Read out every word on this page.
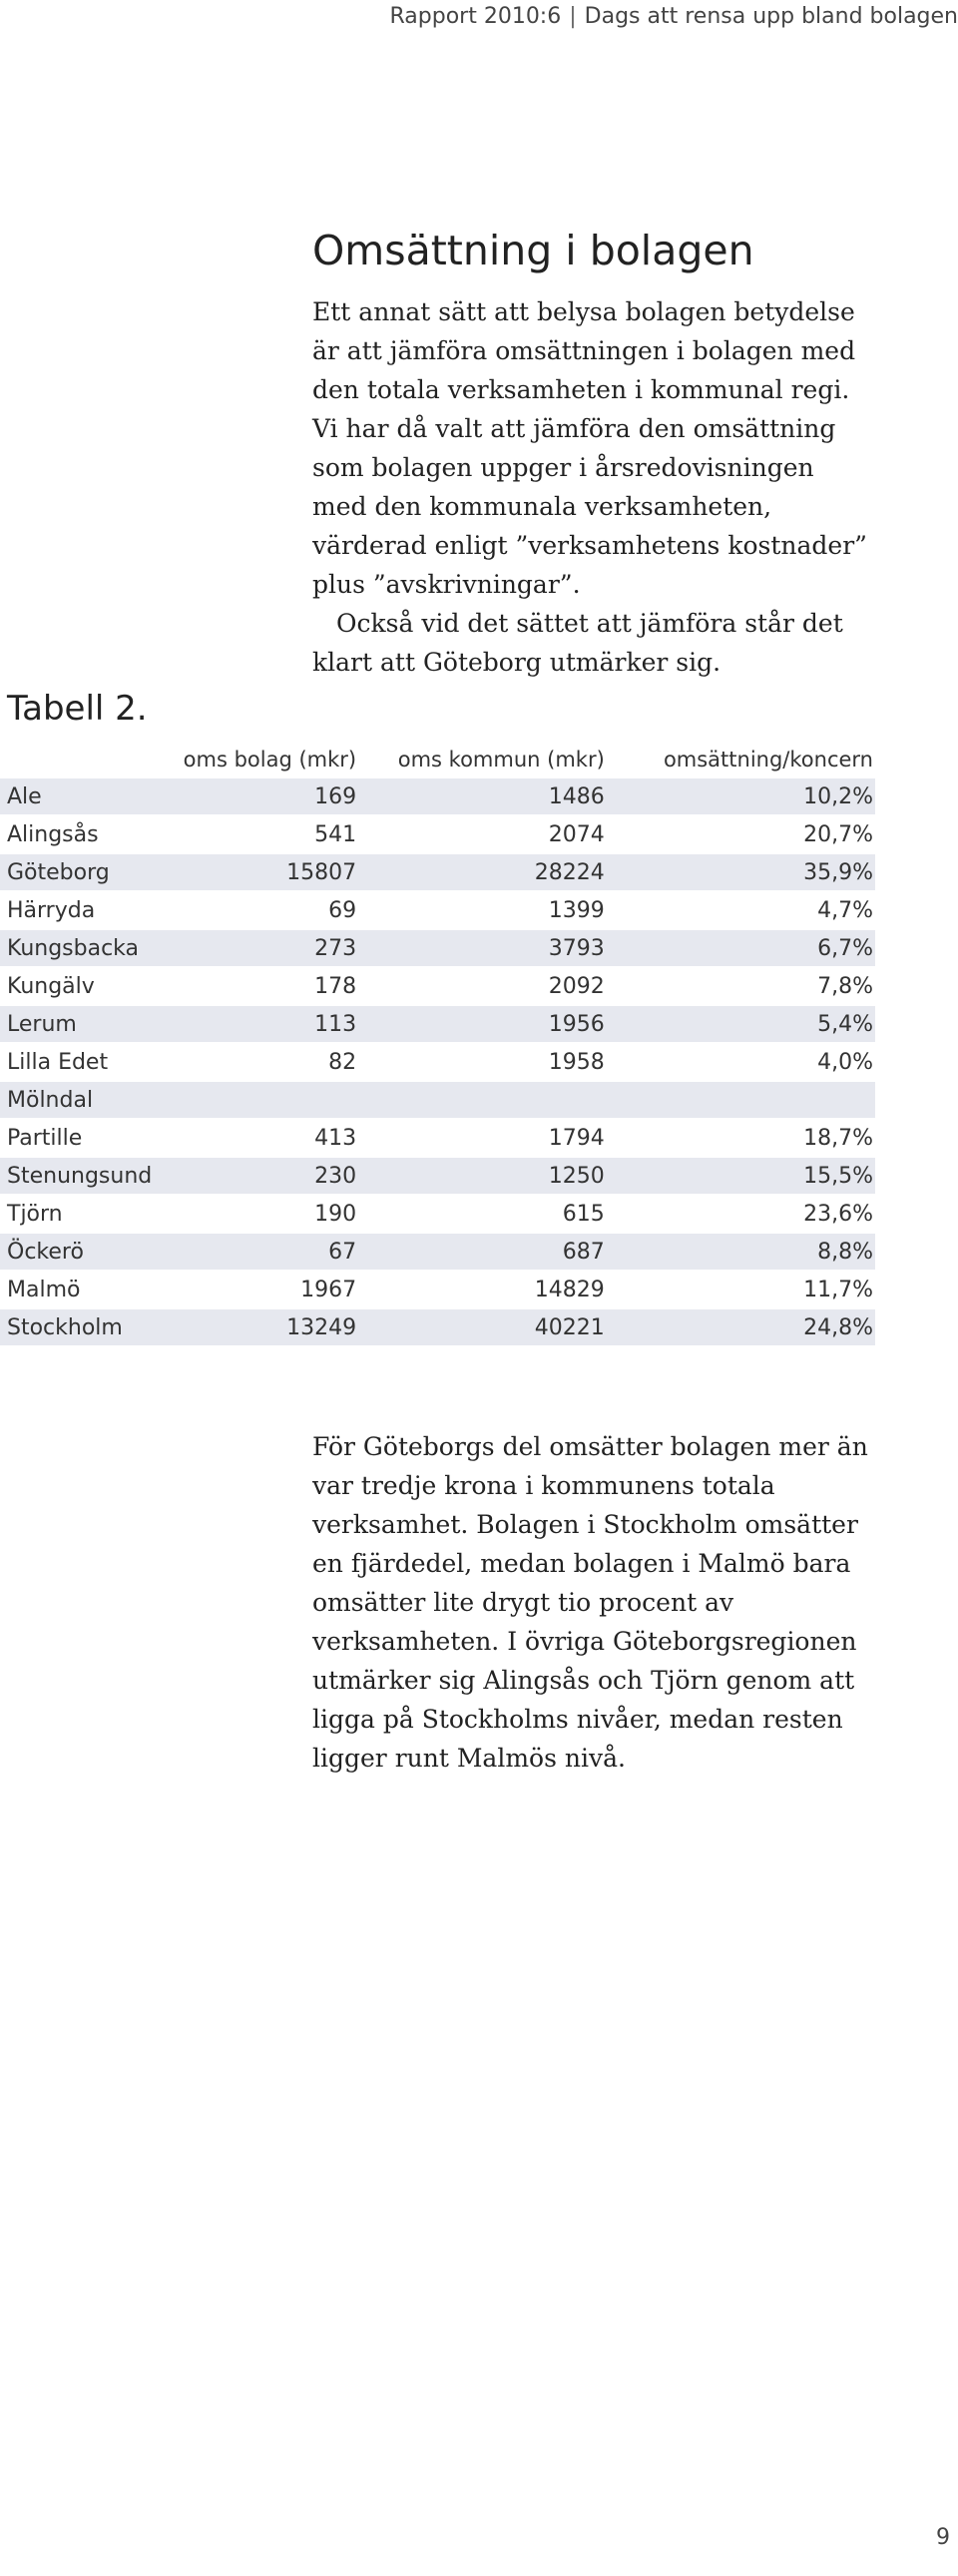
Rapport 2010:6 | Dags att rensa upp bland bolagen
Omsättning i bolagen

Ett annat sätt att belysa bolagen betydelse är att jämföra omsättningen i bolagen med den totala verksamheten i kommunal regi. Vi har då valt att jämföra den omsättning som bolagen uppger i årsredovisningen med den kommunala verksamheten, värderad enligt ”verksamhetens kostnader” plus ”avskrivningar”.

Också vid det sättet att jämföra står det klart att Göteborg utmärker sig.

Tabell 2.
	oms bolag (mkr)	oms kommun (mkr)	omsättning/koncern
Ale	169	1486	10,2%
Alingsås	541	2074	20,7%
Göteborg	15807	28224	35,9%
Härryda	69	1399	4,7%
Kungsbacka	273	3793	6,7%
Kungälv	178	2092	7,8%
Lerum	113	1956	5,4%
Lilla Edet	82	1958	4,0%
Mölndal			
Partille	413	1794	18,7%
Stenungsund	230	1250	15,5%
Tjörn	190	615	23,6%
Öckerö	67	687	8,8%
Malmö	1967	14829	11,7%
Stockholm	13249	40221	24,8%

För Göteborgs del omsätter bolagen mer än var tredje krona i kommunens totala verksamhet. Bolagen i Stockholm omsätter en fjärdedel, medan bolagen i Malmö bara omsätter lite drygt tio procent av verksamheten. I övriga Göteborgsregionen utmärker sig Alingsås och Tjörn genom att ligga på Stockholms nivåer, medan resten ligger runt Malmös nivå.

9
